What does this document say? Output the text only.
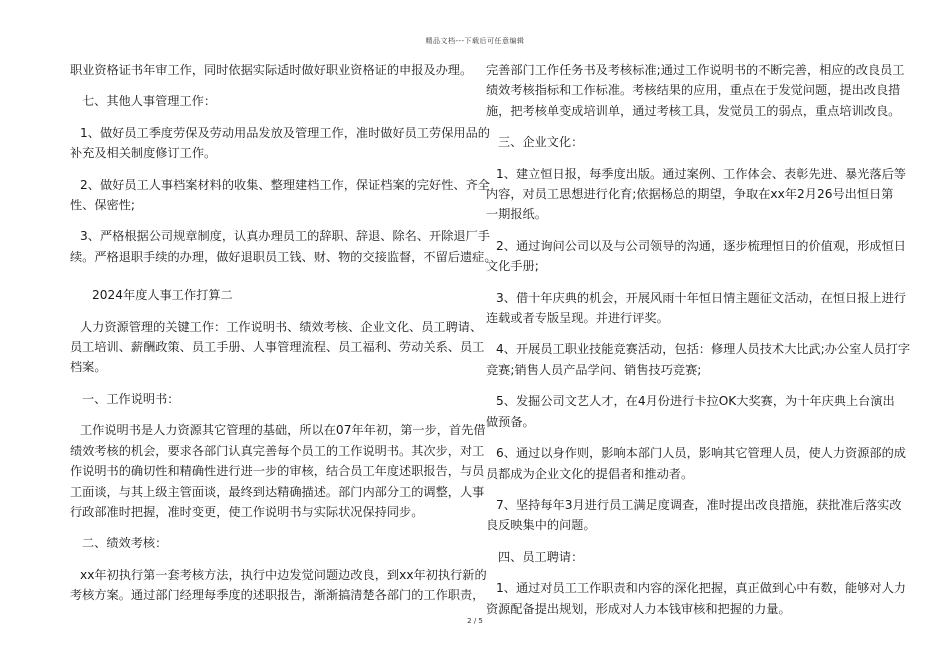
精品文档---下载后可任意编辑
职业资格证书年审工作，同时依据实际适时做好职业资格证的申报及办理。
七、其他人事管理工作：
1、做好员工季度劳保及劳动用品发放及管理工作，准时做好员工劳保用品的
补充及相关制度修订工作。
2、做好员工人事档案材料的收集、整理建档工作，保证档案的完好性、齐全
性、保密性;
3、严格根据公司规章制度，认真办理员工的辞职、辞退、除名、开除退厂手
续。严格退职手续的办理，做好退职员工钱、财、物的交接监督，不留后遗症。
2024年度人事工作打算二
人力资源管理的关键工作：工作说明书、绩效考核、企业文化、员工聘请、
员工培训、薪酬政策、员工手册、人事管理流程、员工福利、劳动关系、员工
档案。
一、工作说明书：
工作说明书是人力资源其它管理的基础，所以在07年年初，第一步，首先借
绩效考核的机会，要求各部门认真完善每个员工的工作说明书。其次步，对工
作说明书的确切性和精确性进行进一步的审核，结合员工年度述职报告，与员
工面谈，与其上级主管面谈，最终到达精确描述。部门内部分工的调整，人事
行政部准时把握，准时变更，使工作说明书与实际状况保持同步。
二、绩效考核：
xx年初执行第一套考核方法，执行中边发觉问题边改良，到xx年初执行新的
考核方案。通过部门经理每季度的述职报告，渐渐搞清楚各部门的工作职责，
完善部门工作任务书及考核标准;通过工作说明书的不断完善，相应的改良员工
绩效考核指标和工作标准。考核结果的应用，重点在于发觉问题，提出改良措
施，把考核单变成培训单，通过考核工具，发觉员工的弱点，重点培训改良。
三、企业文化：
1、建立恒日报，每季度出版。通过案例、工作体会、表彰先进、暴光落后等
内容，对员工思想进行化育;依据杨总的期望，争取在xx年2月26号出恒日第
一期报纸。
2、通过询问公司以及与公司领导的沟通，逐步梳理恒日的价值观，形成恒日
文化手册;
3、借十年庆典的机会，开展风雨十年恒日情主题征文活动，在恒日报上进行
连载或者专版呈现。并进行评奖。
4、开展员工职业技能竞赛活动，包括：修理人员技术大比武;办公室人员打字
竞赛;销售人员产品学问、销售技巧竞赛;
5、发掘公司文艺人才，在4月份进行卡拉OK大奖赛，为十年庆典上台演出
做预备。
6、通过以身作则，影响本部门人员，影响其它管理人员，使人力资源部的成
员都成为企业文化的提倡者和推动者。
7、坚持每年3月进行员工满足度调查，准时提出改良措施，获批准后落实改
良反映集中的问题。
四、员工聘请：
1、通过对员工工作职责和内容的深化把握，真正做到心中有数，能够对人力
资源配备提出规划，形成对人力本钱审核和把握的力量。
2 / 5
